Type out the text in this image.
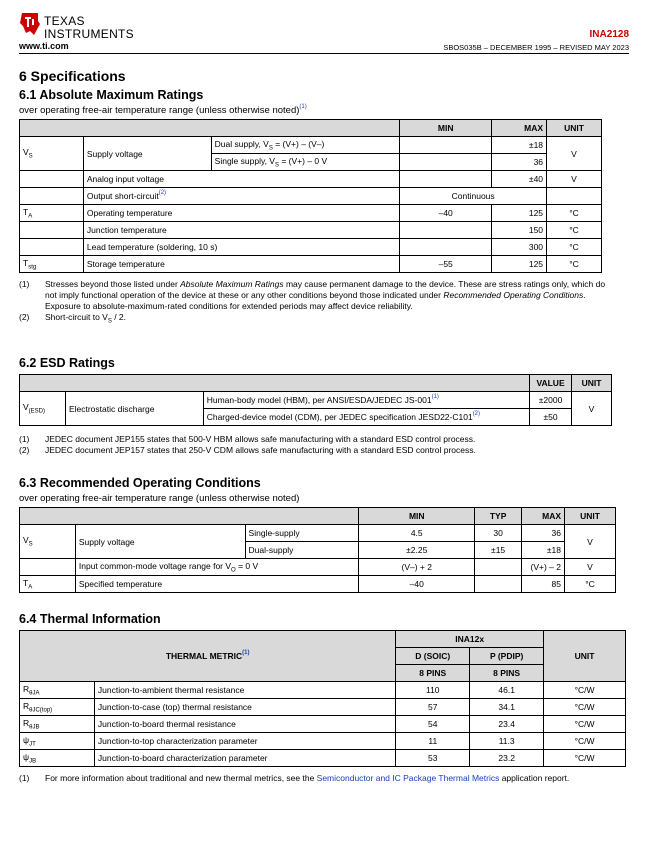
TEXAS
INSTRUMENTS
www.ti.com
INA2128
SBOS035B – DECEMBER 1995 – REVISED MAY 2023
6 Specifications
6.1 Absolute Maximum Ratings
over operating free-air temperature range (unless otherwise noted)$^{(1)}$
			MIN	MAX	UNIT
$V_S$	Supply voltage	Dual supply, $V_S = (V+) - (V-)$		±18	V
		Single supply, $V_S = (V+) - 0$ V		36	
	Analog input voltage			±40	V
	Output short-circuit$^{(2)}$		Continuous		
$T_A$	Operating temperature		–40	125	°C
	Junction temperature			150	°C
	Lead temperature (soldering, 10 s)			300	°C
$T_{stg}$	Storage temperature		–55	125	°C
(1)	Stresses beyond those listed under Absolute Maximum Ratings may cause permanent damage to the device. These are stress ratings only, which do not imply functional operation of the device at these or any other conditions beyond those indicated under Recommended Operating Conditions. Exposure to absolute-maximum-rated conditions for extended periods may affect device reliability.
(2)	Short-circuit to $V_S / 2$.
6.2 ESD Ratings
			VALUE	UNIT
$V_{(ESD)}$	Electrostatic discharge	Human-body model (HBM), per ANSI/ESDA/JEDEC $JS-001^{(1)}$	±2000	V
		Charged-device model (CDM), per JEDEC specification $JESD22-C101^{(2)}$	±50	
(1)	JEDEC document JEP155 states that 500-V HBM allows safe manufacturing with a standard ESD control process.
(2)	JEDEC document JEP157 states that 250-V CDM allows safe manufacturing with a standard ESD control process.
6.3 Recommended Operating Conditions
over operating free-air temperature range (unless otherwise noted)
			MIN	TYP	MAX	UNIT
$V_S$	Supply voltage	Single-supply	4.5	30	36	V
		Dual-supply	±2.25	±15	±18	
	Input common-mode voltage range for $V_O = 0$ V		(V–) + 2		(V+) – 2	V
$T_A$	Specified temperature		–40		85	°C
6.4 Thermal Information
THERMAL METRIC$^{(1)}$		INA12x		UNIT
		D (SOIC)	P (PDIP)	
		8 PINS	8 PINS	
$R_{\theta JA}$	Junction-to-ambient thermal resistance	110	46.1	°C/W
$R_{\theta JC(top)}$	Junction-to-case (top) thermal resistance	57	34.1	°C/W
$R_{\theta JB}$	Junction-to-board thermal resistance	54	23.4	°C/W
$\psi_{JT}$	Junction-to-top characterization parameter	11	11.3	°C/W
$\psi_{JB}$	Junction-to-board characterization parameter	53	23.2	°C/W
(1)	For more information about traditional and new thermal metrics, see the Semiconductor and IC Package Thermal Metrics application report.
